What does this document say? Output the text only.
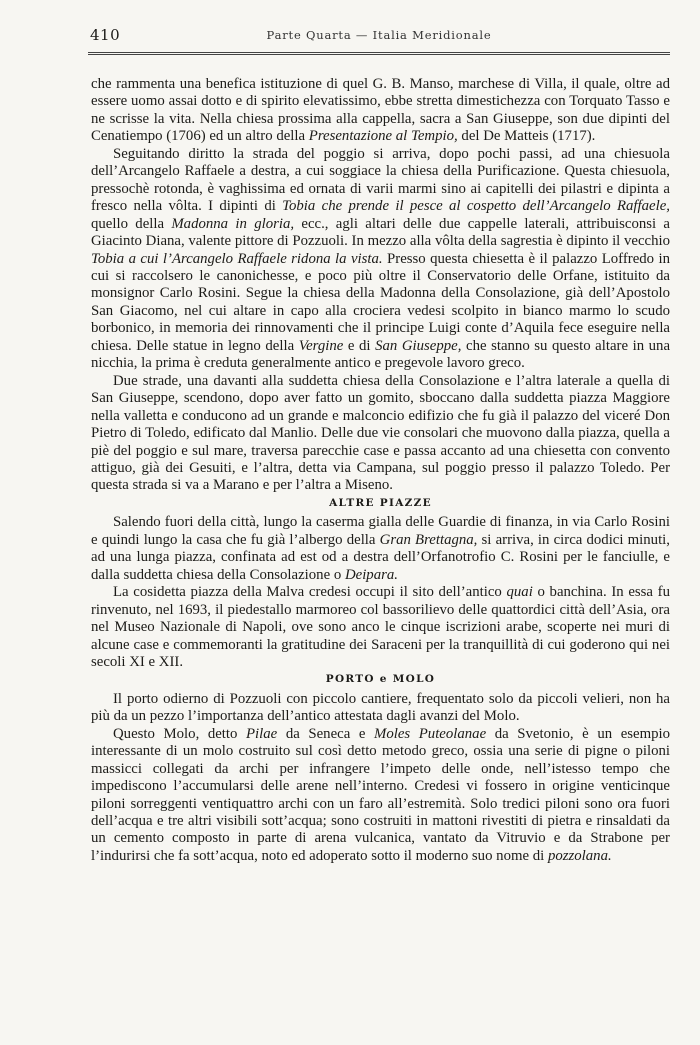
410	Parte Quarta — Italia Meridionale

che rammenta una benefica istituzione di quel G. B. Manso, marchese di Villa, il quale, oltre ad essere uomo assai dotto e di spirito elevatissimo, ebbe stretta dimestichezza con Torquato Tasso e ne scrisse la vita. Nella chiesa prossima alla cappella, sacra a San Giuseppe, son due dipinti del Cenatiempo (1706) ed un altro della Presentazione al Tempio, del De Matteis (1717).

Seguitando diritto la strada del poggio si arriva, dopo pochi passi, ad una chiesuola dell’Arcangelo Raffaele a destra, a cui soggiace la chiesa della Purificazione. Questa chiesuola, pressochè rotonda, è vaghissima ed ornata di varii marmi sino ai capitelli dei pilastri e dipinta a fresco nella vôlta. I dipinti di Tobia che prende il pesce al cospetto dell’Arcangelo Raffaele, quello della Madonna in gloria, ecc., agli altari delle due cappelle laterali, attribuisconsi a Giacinto Diana, valente pittore di Pozzuoli. In mezzo alla vôlta della sagrestia è dipinto il vecchio Tobia a cui l’Arcangelo Raffaele ridona la vista. Presso questa chiesetta è il palazzo Loffredo in cui si raccolsero le canonichesse, e poco più oltre il Conservatorio delle Orfane, istituito da monsignor Carlo Rosini. Segue la chiesa della Madonna della Consolazione, già dell’Apostolo San Giacomo, nel cui altare in capo alla crociera vedesi scolpito in bianco marmo lo scudo borbonico, in memoria dei rinnovamenti che il principe Luigi conte d’Aquila fece eseguire nella chiesa. Delle statue in legno della Vergine e di San Giuseppe, che stanno su questo altare in una nicchia, la prima è creduta generalmente antico e pregevole lavoro greco.

Due strade, una davanti alla suddetta chiesa della Consolazione e l’altra laterale a quella di San Giuseppe, scendono, dopo aver fatto un gomito, sboccano dalla suddetta piazza Maggiore nella valletta e conducono ad un grande e malconcio edifizio che fu già il palazzo del viceré Don Pietro di Toledo, edificato dal Manlio. Delle due vie consolari che muovono dalla piazza, quella a piè del poggio e sul mare, traversa parecchie case e passa accanto ad una chiesetta con convento attiguo, già dei Gesuiti, e l’altra, detta via Campana, sul poggio presso il palazzo Toledo. Per questa strada si va a Marano e per l’altra a Miseno.

ALTRE PIAZZE

Salendo fuori della città, lungo la caserma gialla delle Guardie di finanza, in via Carlo Rosini e quindi lungo la casa che fu già l’albergo della Gran Brettagna, si arriva, in circa dodici minuti, ad una lunga piazza, confinata ad est od a destra dell’Orfanotrofio C. Rosini per le fanciulle, e dalla suddetta chiesa della Consolazione o Deipara.

La cosidetta piazza della Malva credesi occupi il sito dell’antico quai o banchina. In essa fu rinvenuto, nel 1693, il piedestallo marmoreo col bassorilievo delle quattordici città dell’Asia, ora nel Museo Nazionale di Napoli, ove sono anco le cinque iscrizioni arabe, scoperte nei muri di alcune case e commemoranti la gratitudine dei Saraceni per la tranquillità di cui goderono qui nei secoli XI e XII.

PORTO e MOLO

Il porto odierno di Pozzuoli con piccolo cantiere, frequentato solo da piccoli velieri, non ha più da un pezzo l’importanza dell’antico attestata dagli avanzi del Molo.

Questo Molo, detto Pilae da Seneca e Moles Puteolanae da Svetonio, è un esempio interessante di un molo costruito sul così detto metodo greco, ossia una serie di pigne o piloni massicci collegati da archi per infrangere l’impeto delle onde, nell’istesso tempo che impediscono l’accumularsi delle arene nell’interno. Credesi vi fossero in origine venticinque piloni sorreggenti ventiquattro archi con un faro all’estremità. Solo tredici piloni sono ora fuori dell’acqua e tre altri visibili sott’acqua; sono costruiti in mattoni rivestiti di pietra e rinsaldati da un cemento composto in parte di arena vulcanica, vantato da Vitruvio e da Strabone per l’indurirsi che fa sott’acqua, noto ed adoperato sotto il moderno suo nome di pozzolana.
